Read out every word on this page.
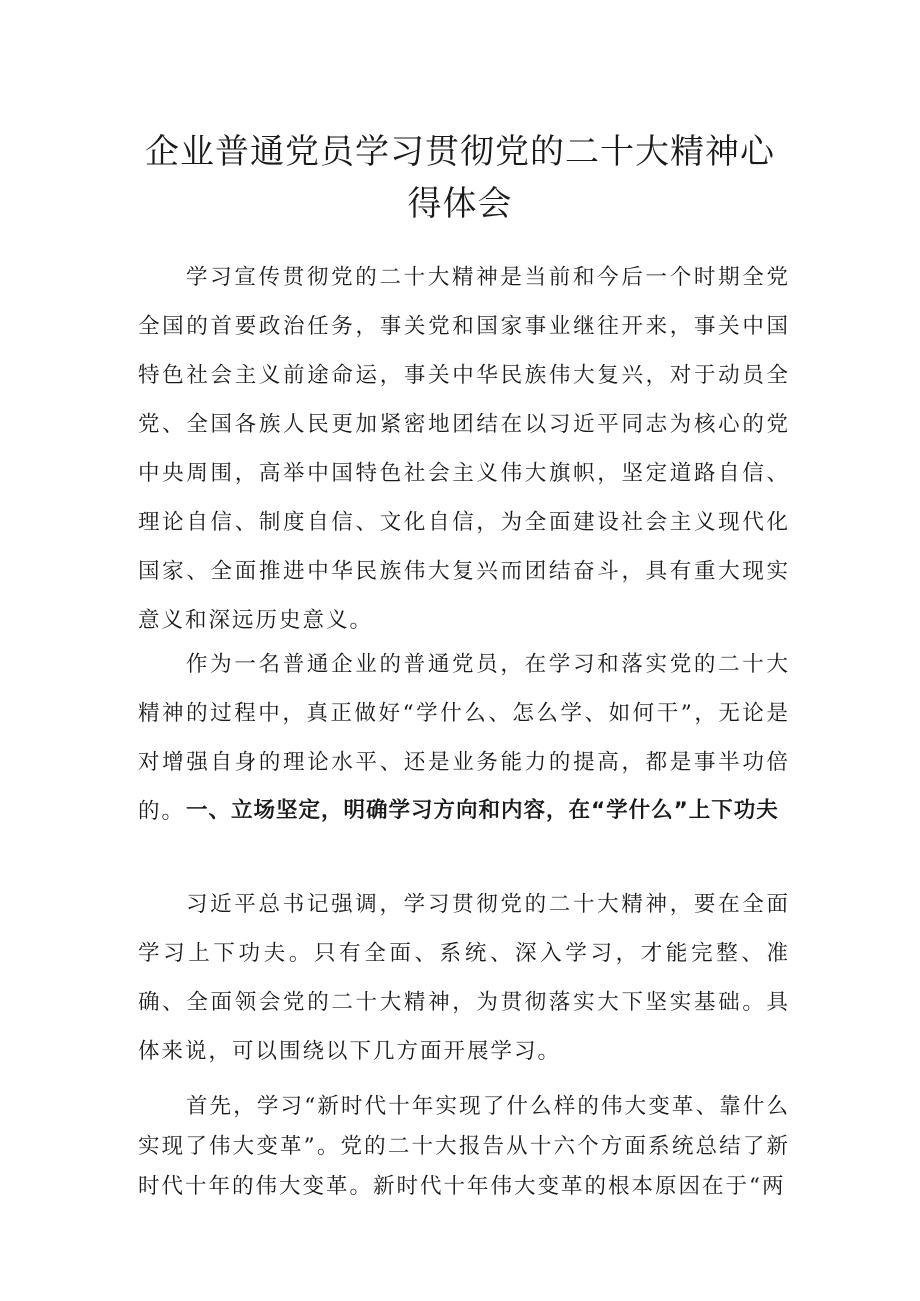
企业普通党员学习贯彻党的二十大精神心
得体会

学习宣传贯彻党的二十大精神是当前和今后一个时期全党全国的首要政治任务，事关党和国家事业继往开来，事关中国特色社会主义前途命运，事关中华民族伟大复兴，对于动员全党、全国各族人民更加紧密地团结在以习近平同志为核心的党中央周围，高举中国特色社会主义伟大旗帜，坚定道路自信、理论自信、制度自信、文化自信，为全面建设社会主义现代化国家、全面推进中华民族伟大复兴而团结奋斗，具有重大现实意义和深远历史意义。

作为一名普通企业的普通党员，在学习和落实党的二十大精神的过程中，真正做好“学什么、怎么学、如何干”，无论是对增强自身的理论水平、还是业务能力的提高，都是事半功倍的。 一、立场坚定，明确学习方向和内容，在“学什么”上下功夫

习近平总书记强调，学习贯彻党的二十大精神，要在全面学习上下功夫。只有全面、系统、深入学习，才能完整、准确、全面领会党的二十大精神，为贯彻落实大下坚实基础。具体来说，可以围绕以下几方面开展学习。

首先，学习“新时代十年实现了什么样的伟大变革、靠什么实现了伟大变革”。党的二十大报告从十六个方面系统总结了新时代十年的伟大变革。新时代十年伟大变革的根本原因在于“两
